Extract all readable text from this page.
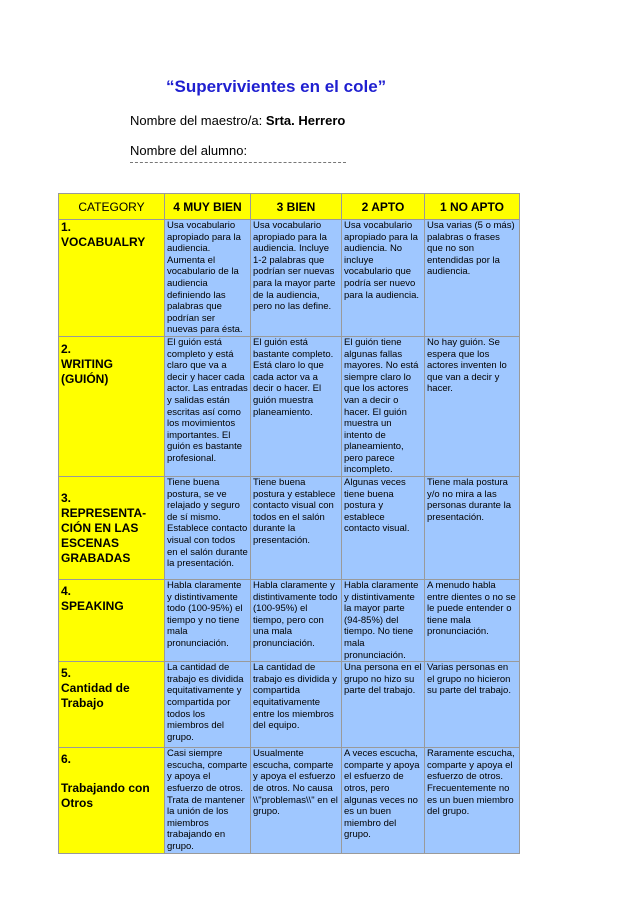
“Supervivientes en el cole”
Nombre del maestro/a: Srta. Herrero
Nombre del alumno:
CATEGORY	4 MUY BIEN	3 BIEN	2 APTO	1 NO APTO

1.
VOCABUALRY	Usa vocabulario apropiado para la audiencia. Aumenta el vocabulario de la audiencia definiendo las palabras que podrían ser nuevas para ésta.	Usa vocabulario apropiado para la audiencia. Incluye 1-2 palabras que podrían ser nuevas para la mayor parte de la audiencia, pero no las define.	Usa vocabulario apropiado para la audiencia. No incluye vocabulario que podría ser nuevo para la audiencia.	Usa varias (5 o más) palabras o frases que no son entendidas por la audiencia.

2.
WRITING (GUIÓN)	El guión está completo y está claro que va a decir y hacer cada actor. Las entradas y salidas están escritas así como los movimientos importantes. El guión es bastante profesional.	El guión está bastante completo. Está claro lo que cada actor va a decir o hacer. El guión muestra planeamiento.	El guión tiene algunas fallas mayores. No está siempre claro lo que los actores van a decir o hacer. El guión muestra un intento de planeamiento, pero parece incompleto.	No hay guión. Se espera que los actores inventen lo que van a decir y hacer.

3.
REPRESENTA-CIÓN EN LAS ESCENAS GRABADAS	Tiene buena postura, se ve relajado y seguro de sí mismo. Establece contacto visual con todos en el salón durante la presentación.	Tiene buena postura y establece contacto visual con todos en el salón durante la presentación.	Algunas veces tiene buena postura y establece contacto visual.	Tiene mala postura y/o no mira a las personas durante la presentación.

4.
SPEAKING	Habla claramente y distintivamente todo (100-95%) el tiempo y no tiene mala pronunciación.	Habla claramente y distintivamente todo (100-95%) el tiempo, pero con una mala pronunciación.	Habla claramente y distintivamente la mayor parte (94-85%) del tiempo. No tiene mala pronunciación.	A menudo habla entre dientes o no se le puede entender o tiene mala pronunciación.

5.
Cantidad de Trabajo	La cantidad de trabajo es dividida equitativamente y compartida por todos los miembros del grupo.	La cantidad de trabajo es dividida y compartida equitativamente entre los miembros del equipo.	Una persona en el grupo no hizo su parte del trabajo.	Varias personas en el grupo no hicieron su parte del trabajo.

6.
Trabajando con Otros	Casi siempre escucha, comparte y apoya el esfuerzo de otros. Trata de mantener la unión de los miembros trabajando en grupo.	Usualmente escucha, comparte y apoya el esfuerzo de otros. No causa \\"problemas\\" en el grupo.	A veces escucha, comparte y apoya el esfuerzo de otros, pero algunas veces no es un buen miembro del grupo.	Raramente escucha, comparte y apoya el esfuerzo de otros. Frecuentemente no es un buen miembro del grupo.
